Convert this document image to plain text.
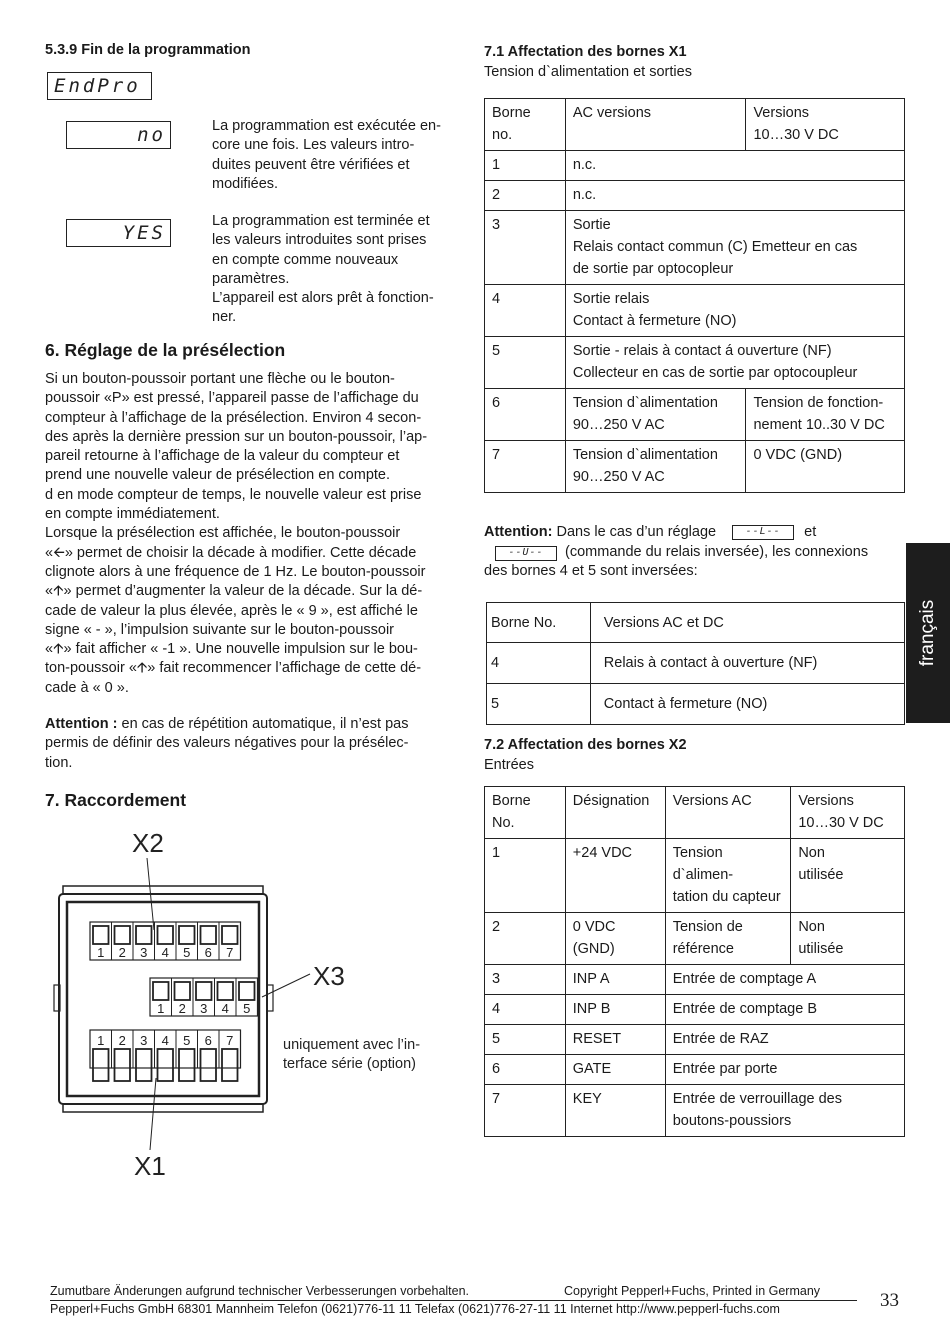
5.3.9 Fin de la programmation
EndPro
no	La programmation est exécutée en-
core une fois. Les valeurs intro-
duites peuvent être vérifiées et
modifiées.
YES
La programmation est terminée et
les valeurs introduites sont prises
en compte comme nouveaux
paramètres.
L’appareil est alors prêt à fonction-
ner.
6. Réglage de la présélection
Si un bouton-poussoir portant une flèche ou le bouton-
poussoir «P» est pressé, l’appareil passe de l’affichage du
compteur à l’affichage de la présélection. Environ 4 secon-
des après la dernière pression sur un bouton-poussoir, l’ap-
pareil retourne à l’affichage de la valeur du compteur et
prend une nouvelle valeur de présélection en compte.
d en mode compteur de temps, le nouvelle valeur est prise
en compte immédiatement.
Lorsque la présélection est affichée, le bouton-poussoir
«🡨» permet de choisir la décade à modifier. Cette décade
clignote alors à une fréquence de 1 Hz. Le bouton-poussoir
«🡩» permet d’augmenter la valeur de la décade. Sur la dé-
cade de valeur la plus élevée, après le « 9 », est affiché le
signe « - », l’impulsion suivante sur le bouton-poussoir
«🡩» fait afficher « -1 ». Une nouvelle impulsion sur le bou-
ton-poussoir «🡩» fait recommencer l’affichage de cette dé-
cade à « 0 ».
Attention : en cas de répétition automatique, il n’est pas
permis de définir des valeurs négatives pour la présélec-
tion.
7. Raccordement
1 2 3 4 5 6 7
1 2 3 4 5
1 2 3 4 5 6 7
X2
X3
X1
uniquement avec l’in-
terface série (option)
7.1 Affectation des bornes X1
Tension d`alimentation et sorties
Borne
no.	AC versions	Versions
10…30 V DC
1	n.c.	
2	n.c.	
3	Sortie
Relais contact commun (C) Emetteur en cas
de sortie par optocopleur	
4	Sortie relais
Contact à fermeture (NO)	
5	Sortie - relais à contact á ouverture (NF)
Collecteur en cas de sortie par optocoupleur	
6	Tension d`alimentation
90…250 V AC	Tension de fonction-
nement 10..30 V DC
7	Tension d`alimentation
90…250 V AC	0 VDC (GND)
Attention: Dans le cas d’un réglage	--L-- et
--U-- (commande du relais inversée), les connexions
des bornes 4 et 5 sont inversées:
Borne No.	Versions AC et DC
4	Relais à contact à ouverture (NF)
5	Contact à fermeture (NO)
7.2 Affectation des bornes X2
Entrées
Borne
No.	Désignation	Versions AC	Versions
10…30 V DC
1	+24 VDC	Tension d`alimen-
tation du capteur	Non
utilisée
2	0 VDC
(GND)	Tension de
référence	Non
utilisée
3	INP A	Entrée de comptage A	
4	INP B	Entrée de comptage B	
5	RESET	Entrée de RAZ	
6	GATE	Entrée par porte	
7	KEY	Entrée de verrouillage des
boutons-poussiors	
français
Zumutbare Änderungen aufgrund technischer Verbesserungen vorbehalten.	Copyright Pepperl+Fuchs, Printed in Germany
Pepperl+Fuchs GmbH 68301 Mannheim Telefon (0621)776-11 11 Telefax (0621)776-27-11 11 Internet http://www.pepperl-fuchs.com	33
